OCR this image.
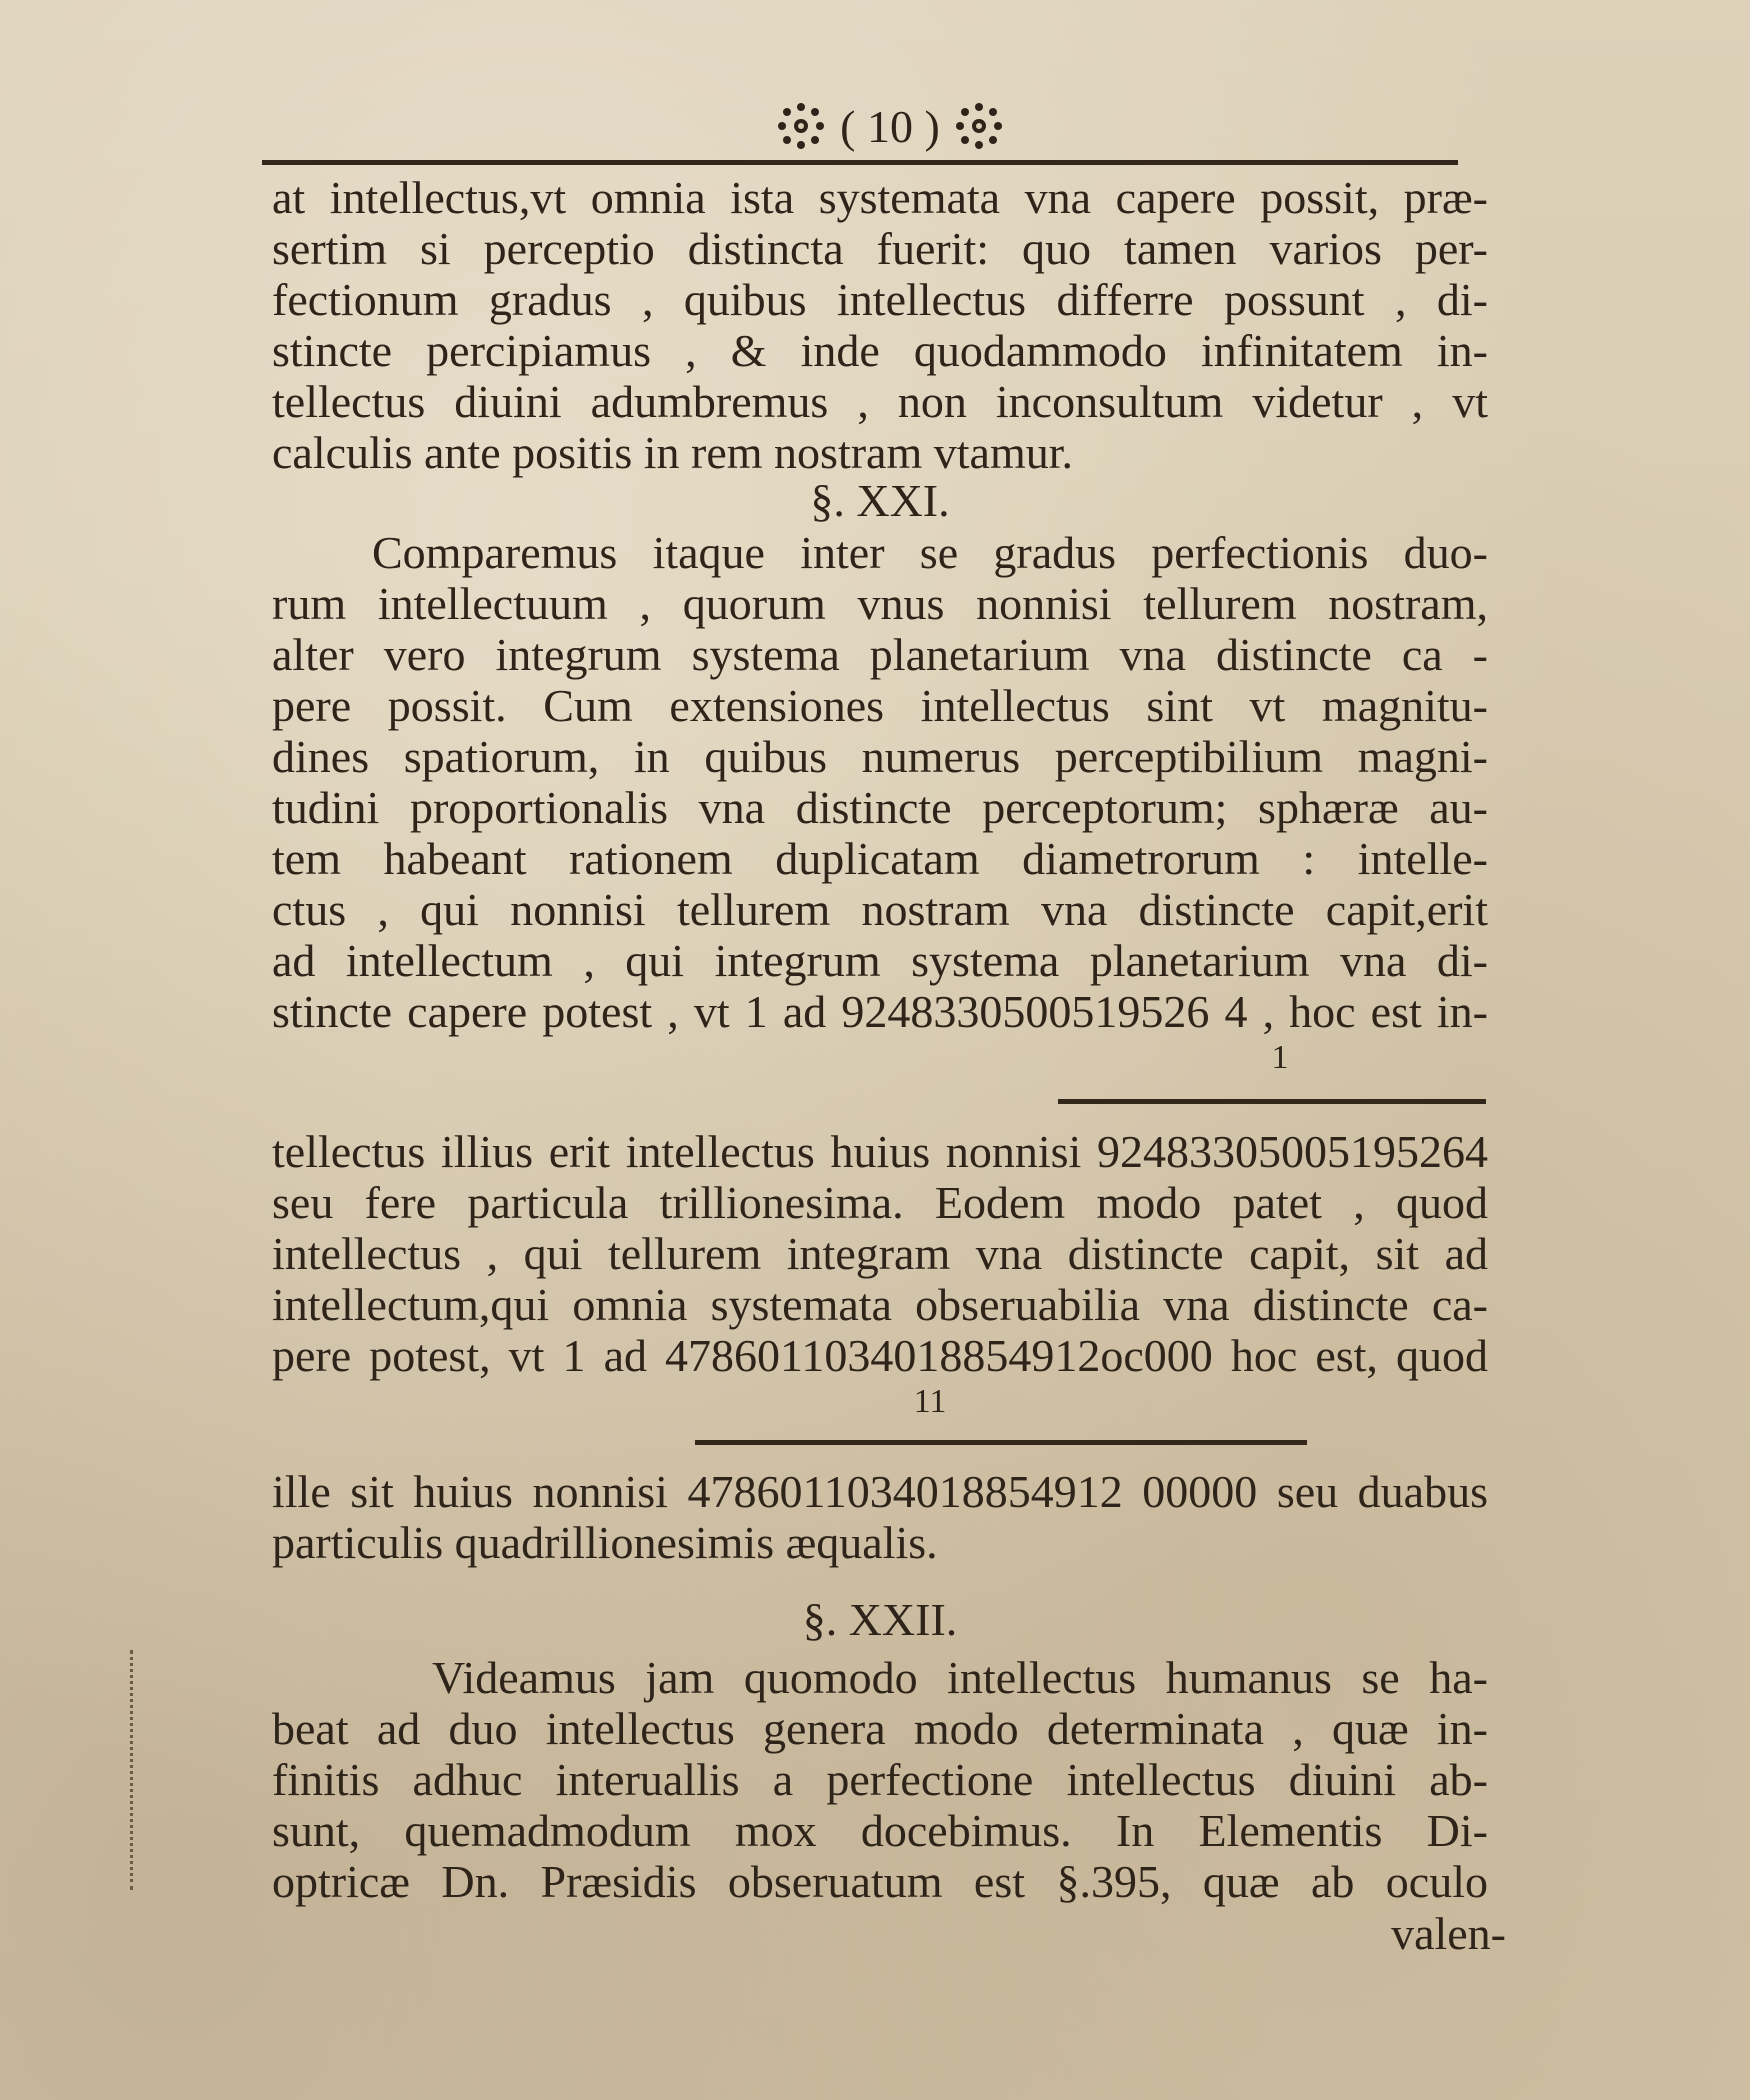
( 10 )
at intellectus,vt omnia ista systemata vna capere possit, præ-
sertim si perceptio distincta fuerit: quo tamen varios per-
fectionum gradus , quibus intellectus differre possunt , di-
stincte percipiamus , & inde quodammodo infinitatem in-
tellectus diuini adumbremus , non inconsultum videtur , vt
calculis ante positis in rem nostram vtamur.
§. XXI.
Comparemus itaque inter se gradus perfectionis duo-
rum intellectuum , quorum vnus nonnisi tellurem nostram,
alter vero integrum systema planetarium vna distincte ca -
pere possit. Cum extensiones intellectus sint vt magnitu-
dines spatiorum, in quibus numerus perceptibilium magni-
tudini proportionalis vna distincte perceptorum; sphæræ au-
tem habeant rationem duplicatam diametrorum : intelle-
ctus , qui nonnisi tellurem nostram vna distincte capit,erit
ad intellectum , qui integrum systema planetarium vna di-
stincte capere potest , vt 1 ad 9248330500519526 4 , hoc est in-
1
tellectus illius erit intellectus huius nonnisi 92483305005195264
seu fere particula trillionesima. Eodem modo patet , quod
intellectus , qui tellurem integram vna distincte capit, sit ad
intellectum,qui omnia systemata obseruabilia vna distincte ca-
pere potest, vt 1 ad 4786011034018854912oc000 hoc est, quod
11
ille sit huius nonnisi 4786011034018854912 00000 seu duabus
particulis quadrillionesimis æqualis.
§. XXII.
Videamus jam quomodo intellectus humanus se ha-
beat ad duo intellectus genera modo determinata , quæ in-
finitis adhuc interuallis a perfectione intellectus diuini ab-
sunt, quemadmodum mox docebimus. In Elementis Di-
optricæ Dn. Præsidis obseruatum est §.395, quæ ab oculo
valen-
